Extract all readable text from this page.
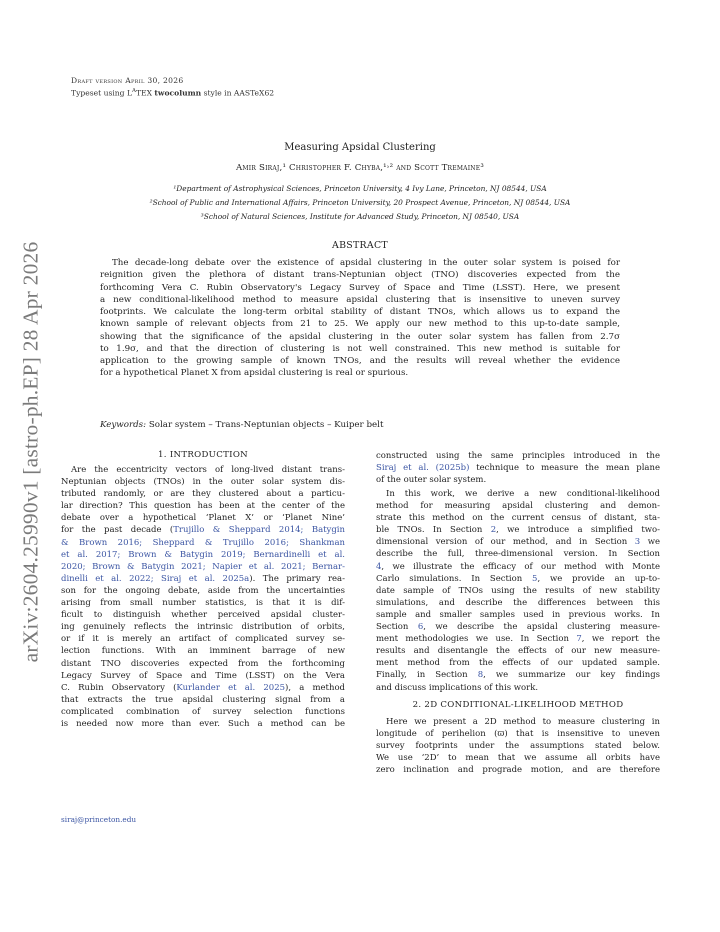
arXiv:2604.25990v1 [astro-ph.EP] 28 Apr 2026
Draft version April 30, 2026
Typeset using $L^ATEX$ twocolumn style in AASTeX62
Measuring Apsidal Clustering
Amir Siraj,¹ Christopher F. Chyba,¹˒² and Scott Tremaine³
¹Department of Astrophysical Sciences, Princeton University, 4 Ivy Lane, Princeton, NJ 08544, USA
²School of Public and International Affairs, Princeton University, 20 Prospect Avenue, Princeton, NJ 08544, USA
³School of Natural Sciences, Institute for Advanced Study, Princeton, NJ 08540, USA
ABSTRACT
The decade-long debate over the existence of apsidal clustering in the outer solar system is poised for
reignition given the plethora of distant trans-Neptunian object (TNO) discoveries expected from the
forthcoming Vera C. Rubin Observatory's Legacy Survey of Space and Time (LSST). Here, we present
a new conditional-likelihood method to measure apsidal clustering that is insensitive to uneven survey
footprints. We calculate the long-term orbital stability of distant TNOs, which allows us to expand the
known sample of relevant objects from 21 to 25. We apply our new method to this up-to-date sample,
showing that the significance of the apsidal clustering in the outer solar system has fallen from 2.7σ
to 1.9σ, and that the direction of clustering is not well constrained. This new method is suitable for
application to the growing sample of known TNOs, and the results will reveal whether the evidence
for a hypothetical Planet X from apsidal clustering is real or spurious.
Keywords: Solar system – Trans-Neptunian objects – Kuiper belt
1. INTRODUCTION
Are the eccentricity vectors of long-lived distant trans-
Neptunian objects (TNOs) in the outer solar system dis-
tributed randomly, or are they clustered about a particu-
lar direction? This question has been at the center of the
debate over a hypothetical ‘Planet X’ or ‘Planet Nine’
for the past decade (Trujillo & Sheppard 2014; Batygin
& Brown 2016; Sheppard & Trujillo 2016; Shankman
et al. 2017; Brown & Batygin 2019; Bernardinelli et al.
2020; Brown & Batygin 2021; Napier et al. 2021; Bernar-
dinelli et al. 2022; Siraj et al. 2025a). The primary rea-
son for the ongoing debate, aside from the uncertainties
arising from small number statistics, is that it is dif-
ficult to distinguish whether perceived apsidal cluster-
ing genuinely reflects the intrinsic distribution of orbits,
or if it is merely an artifact of complicated survey se-
lection functions. With an imminent barrage of new
distant TNO discoveries expected from the forthcoming
Legacy Survey of Space and Time (LSST) on the Vera
C. Rubin Observatory (Kurlander et al. 2025), a method
that extracts the true apsidal clustering signal from a
complicated combination of survey selection functions
is needed now more than ever. Such a method can be
siraj@princeton.edu
constructed using the same principles introduced in the
Siraj et al. (2025b) technique to measure the mean plane
of the outer solar system.
In this work, we derive a new conditional-likelihood
method for measuring apsidal clustering and demon-
strate this method on the current census of distant, sta-
ble TNOs. In Section 2, we introduce a simplified two-
dimensional version of our method, and in Section 3 we
describe the full, three-dimensional version. In Section
4, we illustrate the efficacy of our method with Monte
Carlo simulations. In Section 5, we provide an up-to-
date sample of TNOs using the results of new stability
simulations, and describe the differences between this
sample and smaller samples used in previous works. In
Section 6, we describe the apsidal clustering measure-
ment methodologies we use. In Section 7, we report the
results and disentangle the effects of our new measure-
ment method from the effects of our updated sample.
Finally, in Section 8, we summarize our key findings
and discuss implications of this work.
2. 2D CONDITIONAL-LIKELIHOOD METHOD
Here we present a 2D method to measure clustering in
longitude of perihelion (ϖ) that is insensitive to uneven
survey footprints under the assumptions stated below.
We use ‘2D’ to mean that we assume all orbits have
zero inclination and prograde motion, and are therefore
